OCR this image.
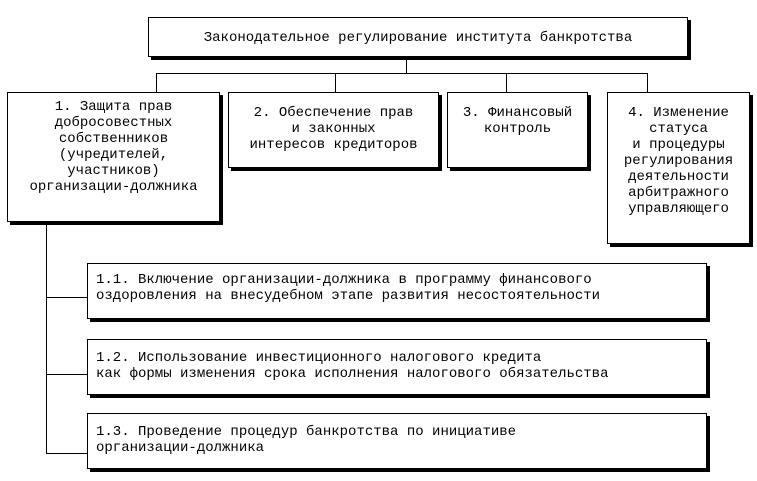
Законодательное регулирование института банкротства
1. Защита прав
добросовестных
собственников
(учредителей,
участников)
организации-должника
2. Обеспечение прав
и законных
интересов кредиторов
3. Финансовый
контроль
4. Изменение
статуса
и процедуры
регулирования
деятельности
арбитражного
управляющего
1.1. Включение организации-должника в программу финансового
оздоровления на внесудебном этапе развития несостоятельности
1.2. Использование инвестиционного налогового кредита
как формы изменения срока исполнения налогового обязательства
1.3. Проведение процедур банкротства по инициативе
организации-должника
